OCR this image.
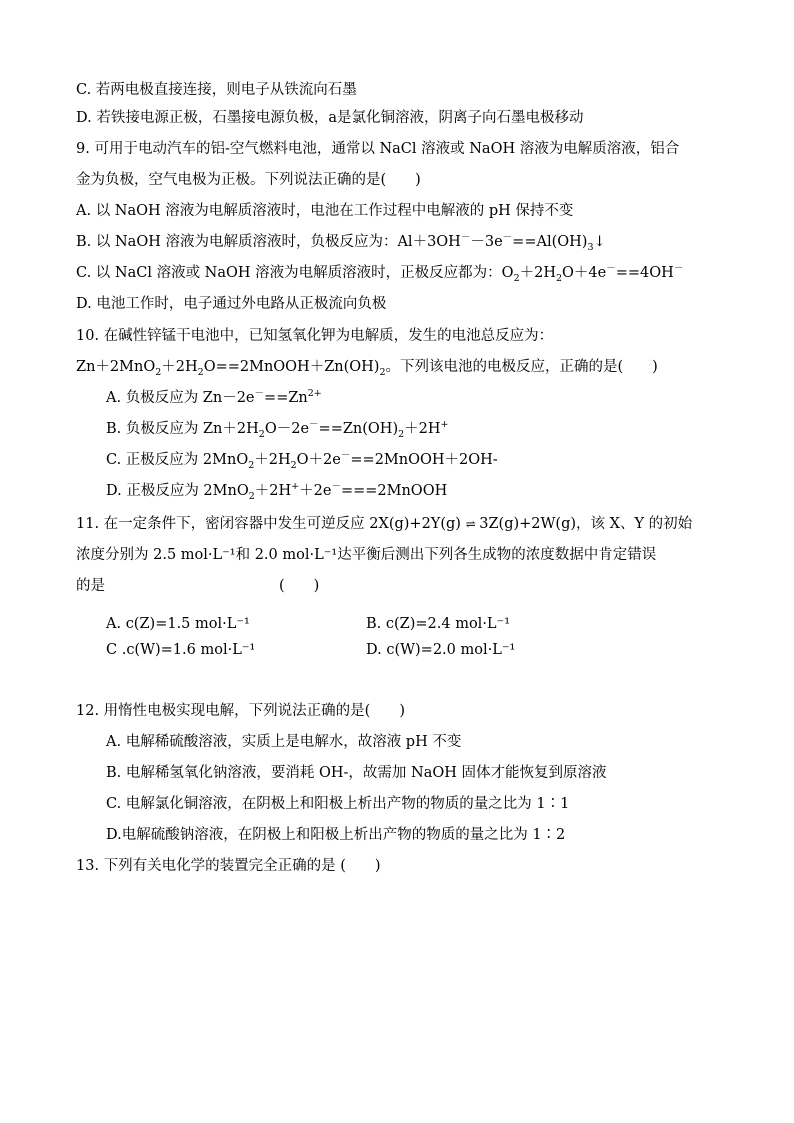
C. 若两电极直接连接，则电子从铁流向石墨
D. 若铁接电源正极，石墨接电源负极，a是氯化铜溶液，阴离子向石墨电极移动
9. 可用于电动汽车的铝-空气燃料电池，通常以 NaCl 溶液或 NaOH 溶液为电解质溶液，铝合
金为负极，空气电极为正极。下列说法正确的是(　　)
A. 以 NaOH 溶液为电解质溶液时，电池在工作过程中电解液的 pH 保持不变
B. 以 NaOH 溶液为电解质溶液时，负极反应为：$Al+3OH^--3e^-==Al(OH)_3↓$
C. 以 NaCl 溶液或 NaOH 溶液为电解质溶液时，正极反应都为：$O_2+2H_2O+4e^-==4OH^-$
D. 电池工作时，电子通过外电路从正极流向负极
10. 在碱性锌锰干电池中，已知氢氧化钾为电解质，发生的电池总反应为：
$Zn+2MnO_2+2H_2O==2MnOOH+Zn(OH)_2$。下列该电池的电极反应，正确的是(　　)
A. 负极反应为 $Zn-2e^-==Zn^{2+}$
B. 负极反应为 $Zn+2H_2O-2e^-==Zn(OH)_2+2H^+$
C. 正极反应为 $2MnO_2+2H_2O+2e^-==2MnOOH+2OH-$
D. 正极反应为 2MnO$_2$＋2H+＋2e－===2MnOOH
11. 在一定条件下，密闭容器中发生可逆反应 2X(g)+2Y(g) ⇌ 3Z(g)+2W(g)，该 X、Y 的初始
浓度分别为 2.5 mol·L⁻¹和 2.0 mol·L⁻¹达平衡后测出下列各生成物的浓度数据中肯定错误
的是　　　　　　　　　　　　(　　)
A. c(Z)=1.5 mol·L⁻¹	B. c(Z)=2.4 mol·L⁻¹
C .c(W)=1.6 mol·L⁻¹	D. c(W)=2.0 mol·L⁻¹
12. 用惰性电极实现电解，下列说法正确的是(　　)
A. 电解稀硫酸溶液，实质上是电解水，故溶液 pH 不变
B. 电解稀氢氧化钠溶液，要消耗 OH-，故需加 NaOH 固体才能恢复到原溶液
C. 电解氯化铜溶液，在阴极上和阳极上析出产物的物质的量之比为 1∶1
D.电解硫酸钠溶液，在阴极上和阳极上析出产物的物质的量之比为 1∶2
13. 下列有关电化学的装置完全正确的是 (　　)
